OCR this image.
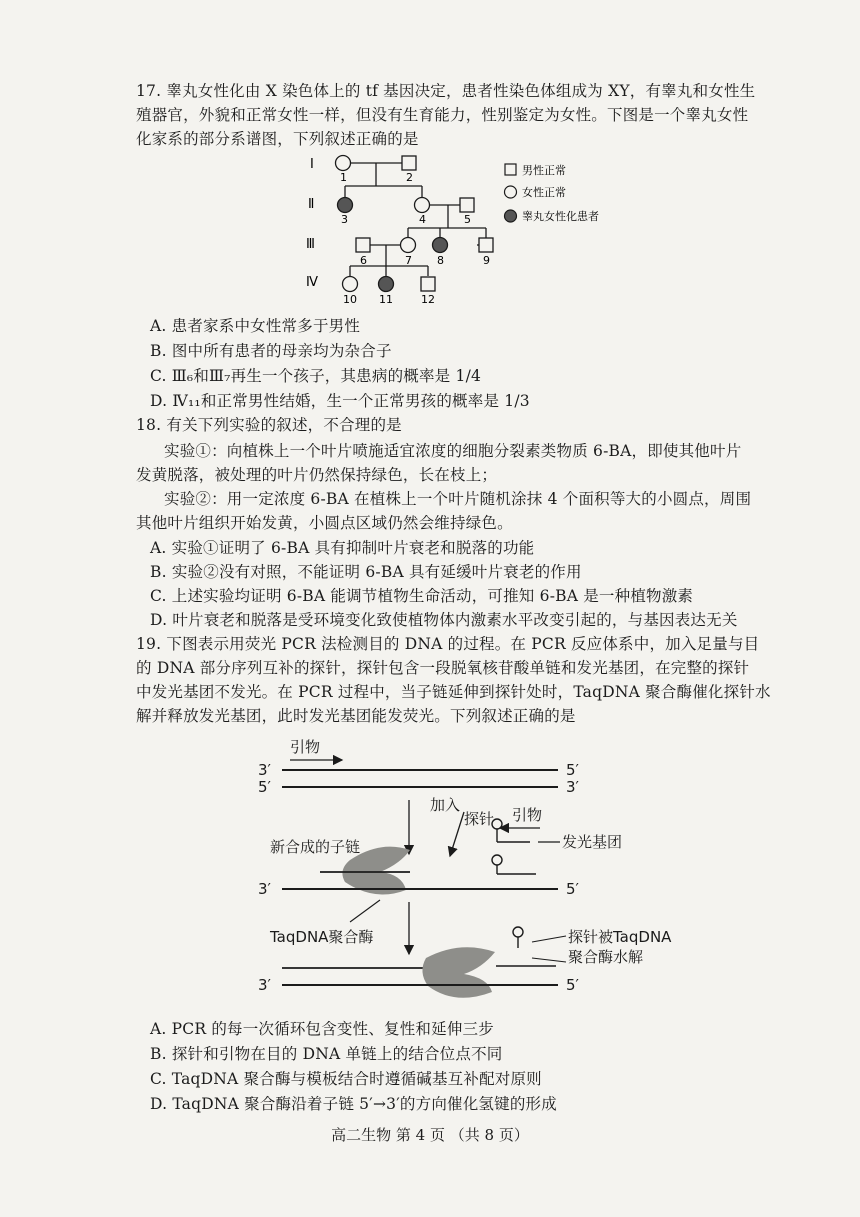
17. 睾丸女性化由 X 染色体上的 tf 基因决定，患者性染色体组成为 XY，有睾丸和女性生
殖器官，外貌和正常女性一样，但没有生育能力，性别鉴定为女性。下图是一个睾丸女性
化家系的部分系谱图，下列叙述正确的是
Ⅰ
Ⅱ
Ⅲ
Ⅳ
1	2
3	4	5
6	7 8	9
10 11	12
男性正常
女性正常
睾丸女性化患者
A. 患者家系中女性常多于男性
B. 图中所有患者的母亲均为杂合子
C. Ⅲ₆和Ⅲ₇再生一个孩子，其患病的概率是 1/4
D. Ⅳ₁₁和正常男性结婚，生一个正常男孩的概率是 1/3
18. 有关下列实验的叙述，不合理的是
实验①：向植株上一个叶片喷施适宜浓度的细胞分裂素类物质 6-BA，即使其他叶片
发黄脱落，被处理的叶片仍然保持绿色，长在枝上；
实验②：用一定浓度 6-BA 在植株上一个叶片随机涂抹 4 个面积等大的小圆点，周围
其他叶片组织开始发黄，小圆点区域仍然会维持绿色。
A. 实验①证明了 6-BA 具有抑制叶片衰老和脱落的功能
B. 实验②没有对照，不能证明 6-BA 具有延缓叶片衰老的作用
C. 上述实验均证明 6-BA 能调节植物生命活动，可推知 6-BA 是一种植物激素
D. 叶片衰老和脱落是受环境变化致使植物体内激素水平改变引起的，与基因表达无关
19. 下图表示用荧光 PCR 法检测目的 DNA 的过程。在 PCR 反应体系中，加入足量与目
的 DNA 部分序列互补的探针，探针包含一段脱氧核苷酸单链和发光基团，在完整的探针
中发光基团不发光。在 PCR 过程中，当子链延伸到探针处时，TaqDNA 聚合酶催化探针水
解并释放发光基团，此时发光基团能发荧光。下列叙述正确的是
引物
3′	5′
5′	3′
加入
探针 引物
发光基团
新合成的子链
3′	5′
TaqDNA聚合酶	探针被TaqDNA
聚合酶水解
3′	5′
A. PCR 的每一次循环包含变性、复性和延伸三步
B. 探针和引物在目的 DNA 单链上的结合位点不同
C. TaqDNA 聚合酶与模板结合时遵循碱基互补配对原则
D. TaqDNA 聚合酶沿着子链 5′→3′的方向催化氢键的形成
高二生物 第 4 页 （共 8 页）
